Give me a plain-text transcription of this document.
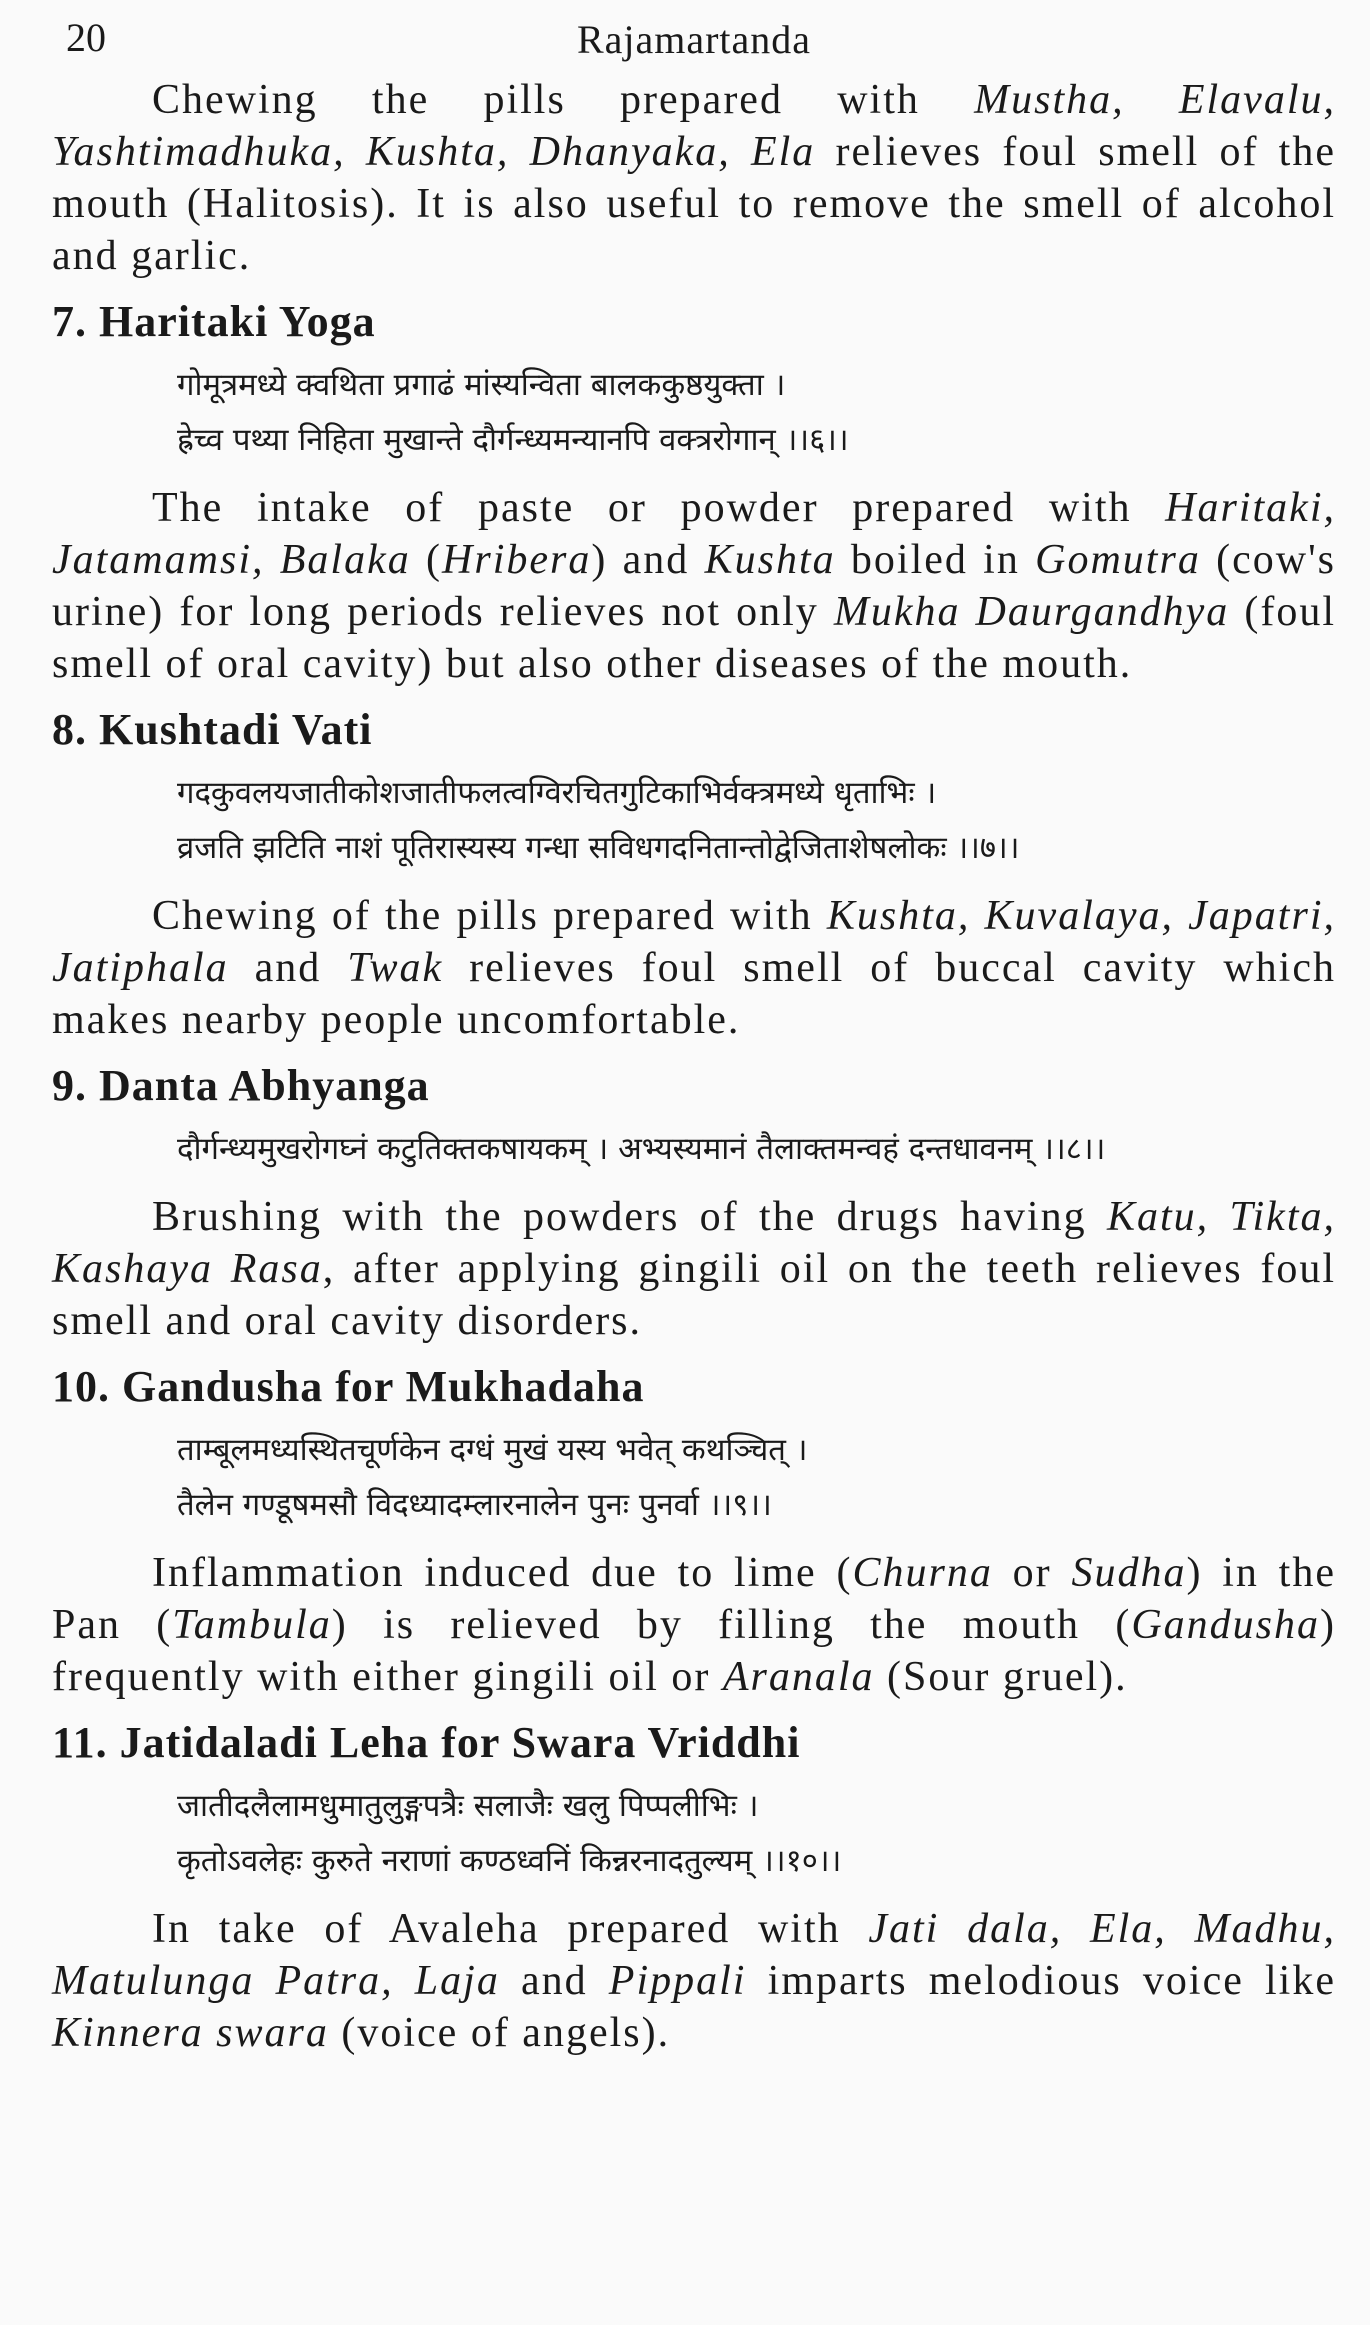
20	Rajamartanda

Chewing the pills prepared with Mustha, Elavalu, Yashtimadhuka, Kushta, Dhanyaka, Ela relieves foul smell of the mouth (Halitosis). It is also useful to remove the smell of alcohol and garlic.

7. Haritaki Yoga
गोमूत्रमध्ये क्वथिता प्रगाढं मांस्यन्विता बालककुष्ठयुक्ता ।
ह्रेच्व पथ्या निहिता मुखान्ते दौर्गन्ध्यमन्यानपि वक्त्ररोगान् ।।६।।

The intake of paste or powder prepared with Haritaki, Jatamamsi, Balaka (Hribera) and Kushta boiled in Gomutra (cow's urine) for long periods relieves not only Mukha Daurgandhya (foul smell of oral cavity) but also other diseases of the mouth.

8. Kushtadi Vati
गदकुवलयजातीकोशजातीफलत्वग्विरचितगुटिकाभिर्वक्त्रमध्ये धृताभिः ।
व्रजति झटिति नाशं पूतिरास्यस्य गन्धा सविधगदनितान्तोद्वेजिताशेषलोकः ।।७।।

Chewing of the pills prepared with Kushta, Kuvalaya, Japatri, Jatiphala and Twak relieves foul smell of buccal cavity which makes nearby people uncomfortable.

9. Danta Abhyanga
दौर्गन्ध्यमुखरोगघ्नं कटुतिक्तकषायकम् । अभ्यस्यमानं तैलाक्तमन्वहं दन्तधावनम् ।।८।।

Brushing with the powders of the drugs having Katu, Tikta, Kashaya Rasa, after applying gingili oil on the teeth relieves foul smell and oral cavity disorders.

10. Gandusha for Mukhadaha
ताम्बूलमध्यस्थितचूर्णकेन दग्धं मुखं यस्य भवेत् कथञ्चित् ।
तैलेन गण्डूषमसौ विदध्यादम्लारनालेन पुनः पुनर्वा ।।९।।

Inflammation induced due to lime (Churna or Sudha) in the Pan (Tambula) is relieved by filling the mouth (Gandusha) frequently with either gingili oil or Aranala (Sour gruel).

11. Jatidaladi Leha for Swara Vriddhi
जातीदलैलामधुमातुलुङ्गपत्रैः सलाजैः खलु पिप्पलीभिः ।
कृतोऽवलेहः कुरुते नराणां कण्ठध्वनिं किन्नरनादतुल्यम् ।।१०।।

In take of Avaleha prepared with Jati dala, Ela, Madhu, Matulunga Patra, Laja and Pippali imparts melodious voice like Kinnera swara (voice of angels).
